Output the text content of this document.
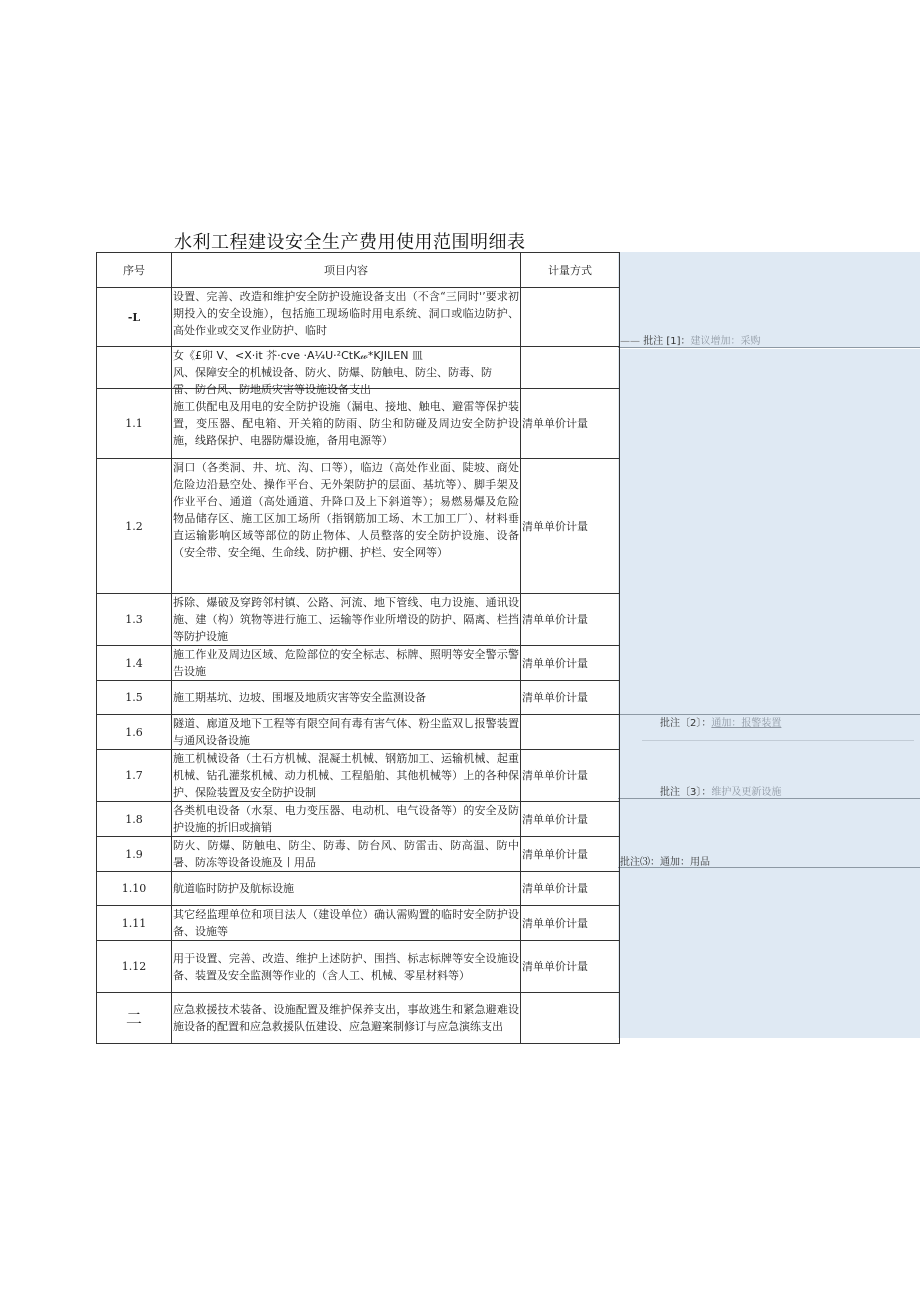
水利工程建设安全生产费用使用范围明细表
—— 批注 [1]：建议增加：采购
批注〔2〕：通加：报警装置
批注〔3〕：维护及更新设施
批注⑶：通加：用品
序号	项目内容	计量方式
-L	设置、完善、改造和维护安全防护设施设备支出（不含“三同时'’要求初期投入的安全设施），包括施工现场临时用电系统、洞口或临边防护、高处作业或交叉作业防护、临时	

	女《£卯 V、<X·it 芥·cve ·A¼U·²CtK𝓌*KJILEN 皿
风、保障安全的机械设备、防火、防爆、防触电、防尘、防毒、防
雷、防台风、防地质灾害等设施设备支出	

1.1	施工供配电及用电的安全防护设施（漏电、接地、触电、避雷等保护装置，变压器、配电箱、开关箱的防雨、防尘和防碰及周边安全防护设施，线路保护、电器防爆设施，备用电源等）	清单单价计量
1.2	洞口（各类洞、井、坑、沟、口等），临边（高处作业面、陡坡、商处危险边沿悬空处、操作平台、无外架防护的层面、基坑等）、脚手架及作业平台、通道（高处通道、升降口及上下斜道等）；易燃易爆及危险物品储存区、施工区加工场所（指钢筋加工场、木工加工厂）、材料垂直运输影响区域等部位的防止物体、人员整落的安全防护设施、设备（安全带、安全绳、生命线、防护棚、护栏、安全网等）	清单单价计量
1.3	拆除、爆破及穿跨邻村镇、公路、河流、地下管线、电力设施、通讯设施、建（构）筑物等进行施工、运输等作业所增设的防护、隔离、栏挡等防护设施	清单单价计量
1.4	施工作业及周边区域、危险部位的安全标志、标牌、照明等安全警示警告设施	清单单价计量
1.5	施工期基坑、边坡、围堰及地质灾害等安全监测设备	清单单价计量
1.6	隧道、廊道及地下工程等有限空间有毒有害气体、粉尘监双乚报警装置与通风设备设施	
1.7	施工机械设备（土石方机械、混凝土机械、钢筋加工、运输机械、起重机械、钻孔灌浆机械、动力机械、工程船舶、其他机械等）上的各种保护、保险装置及安全防护设制	清单单价计量
1.8	各类机电设备（水泵、电力变压器、电动机、电气设备等）的安全及防护设施的折旧或摘销	清单单价计量
1.9	防火、防爆、防触电、防尘、防毒、防台风、防雷击、防高温、防中暑、防冻等设备设施及丨用品	清单单价计量
1.10	航道临时防护及航标设施	清单单价计量
1.11	其它经监理单位和项目法人（建设单位）确认需购置的临时安全防护设备、设施等	清单单价计量
1.12	用于设置、完善、改造、维护上述防护、围挡、标志标牌等安全设施设备、装置及安全监测等作业的（含人工、机械、零星材料等）	清单单价计量
二	应急救援技术装备、设施配置及维护保养支出，事故逃生和紧急避难设施设备的配置和应急救援队伍建设、应急避案制修订与应急演练支出	
